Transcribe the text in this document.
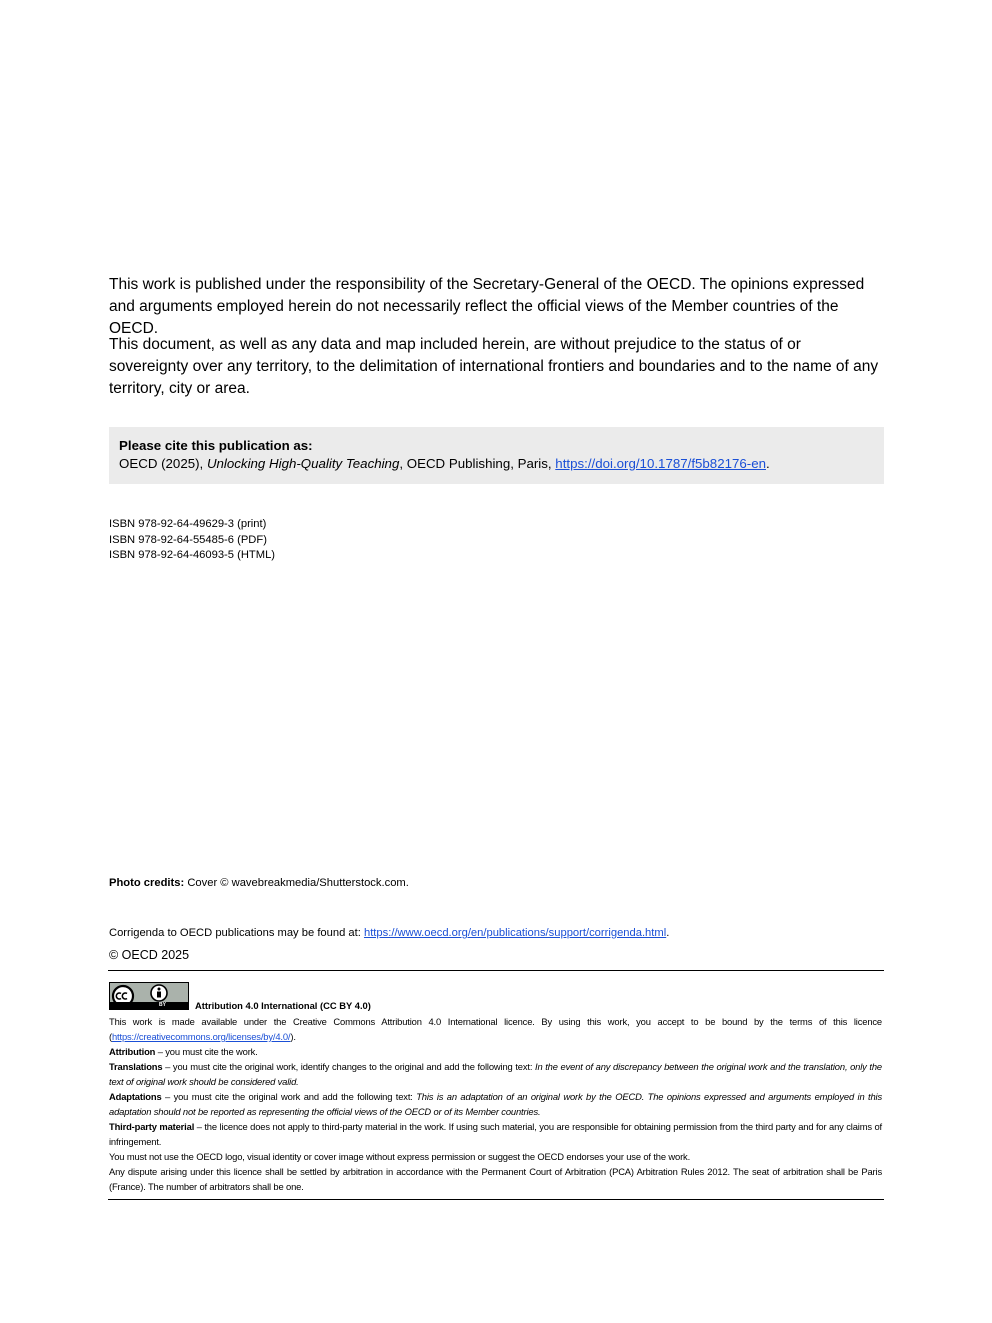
This work is published under the responsibility of the Secretary-General of the OECD. The opinions expressed and arguments employed herein do not necessarily reflect the official views of the Member countries of the OECD.

This document, as well as any data and map included herein, are without prejudice to the status of or sovereignty over any territory, to the delimitation of international frontiers and boundaries and to the name of any territory, city or area.

Please cite this publication as:
OECD (2025), Unlocking High-Quality Teaching, OECD Publishing, Paris, https://doi.org/10.1787/f5b82176-en.
ISBN 978-92-64-49629-3 (print)
ISBN 978-92-64-55485-6 (PDF)
ISBN 978-92-64-46093-5 (HTML)
Photo credits: Cover © wavebreakmedia/Shutterstock.com.
Corrigenda to OECD publications may be found at: https://www.oecd.org/en/publications/support/corrigenda.html.
© OECD 2025
BY	Attribution 4.0 International (CC BY 4.0)

This work is made available under the Creative Commons Attribution 4.0 International licence. By using this work, you accept to be bound by the terms of this licence (https://creativecommons.org/licenses/by/4.0/).

Attribution – you must cite the work.

Translations – you must cite the original work, identify changes to the original and add the following text: In the event of any discrepancy between the original work and the translation, only the text of original work should be considered valid.

Adaptations – you must cite the original work and add the following text: This is an adaptation of an original work by the OECD. The opinions expressed and arguments employed in this adaptation should not be reported as representing the official views of the OECD or of its Member countries.

Third-party material – the licence does not apply to third-party material in the work. If using such material, you are responsible for obtaining permission from the third party and for any claims of infringement.

You must not use the OECD logo, visual identity or cover image without express permission or suggest the OECD endorses your use of the work.

Any dispute arising under this licence shall be settled by arbitration in accordance with the Permanent Court of Arbitration (PCA) Arbitration Rules 2012. The seat of arbitration shall be Paris (France). The number of arbitrators shall be one.
